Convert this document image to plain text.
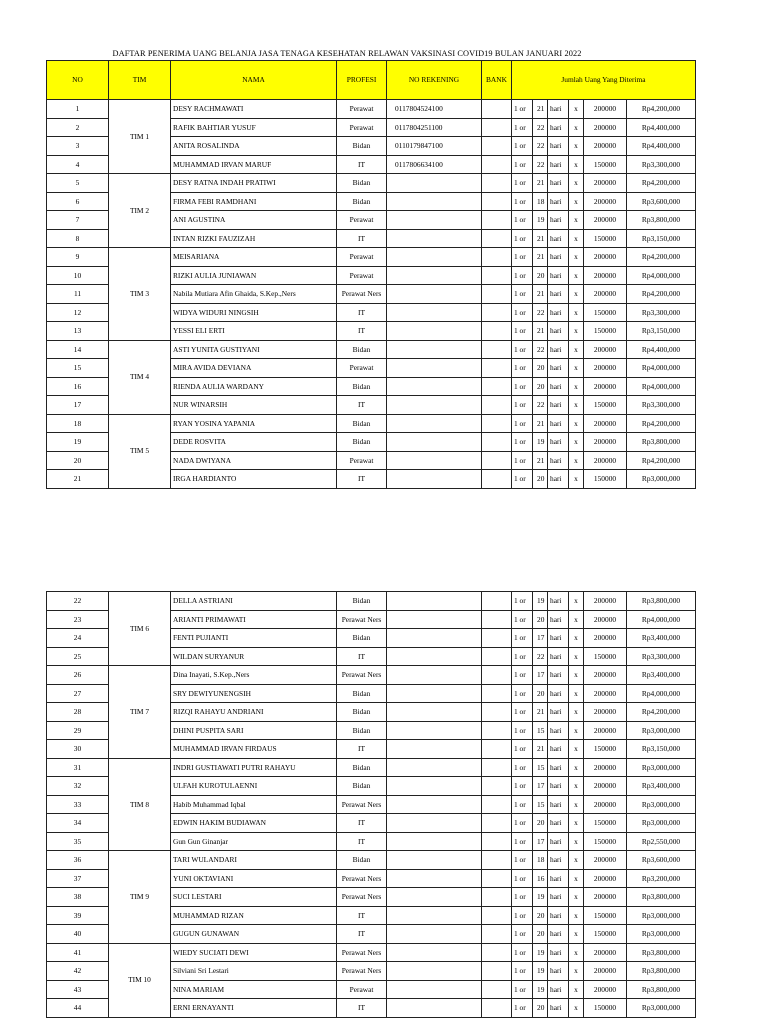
DAFTAR PENERIMA UANG BELANJA JASA TENAGA KESEHATAN RELAWAN VAKSINASI COVID19 BULAN JANUARI 2022
NO	TIM	NAMA	PROFESI	NO REKENING	BANK	Jumlah Uang Yang Diterima					
1	TIM 1	DESY RACHMAWATI	Perawat	0117804524100		1 or	21	hari	x	200000	Rp4,200,000
2		RAFIK BAHTIAR YUSUF	Perawat	0117804251100		1 or	22	hari	x	200000	Rp4,400,000
3		ANITA ROSALINDA	Bidan	0110179847100		1 or	22	hari	x	200000	Rp4,400,000
4		MUHAMMAD IRVAN MARUF	IT	0117806634100		1 or	22	hari	x	150000	Rp3,300,000
5	TIM 2	DESY RATNA INDAH PRATIWI	Bidan			1 or	21	hari	x	200000	Rp4,200,000
6		FIRMA FEBI RAMDHANI	Bidan			1 or	18	hari	x	200000	Rp3,600,000
7		ANI AGUSTINA	Perawat			1 or	19	hari	x	200000	Rp3,800,000
8		INTAN RIZKI FAUZIZAH	IT			1 or	21	hari	x	150000	Rp3,150,000
9	TIM 3	MEISARIANA	Perawat			1 or	21	hari	x	200000	Rp4,200,000
10		RIZKI AULIA JUNIAWAN	Perawat			1 or	20	hari	x	200000	Rp4,000,000
11		Nabila Mutiara Afin Ghaida, S.Kep.,Ners	Perawat Ners			1 or	21	hari	x	200000	Rp4,200,000
12		WIDYA WIDURI NINGSIH	IT			1 or	22	hari	x	150000	Rp3,300,000
13		YESSI ELI ERTI	IT			1 or	21	hari	x	150000	Rp3,150,000
14	TIM 4	ASTI YUNITA GUSTIYANI	Bidan			1 or	22	hari	x	200000	Rp4,400,000
15		MIRA AVIDA DEVIANA	Perawat			1 or	20	hari	x	200000	Rp4,000,000
16		RIENDA AULIA WARDANY	Bidan			1 or	20	hari	x	200000	Rp4,000,000
17		NUR WINARSIH	IT			1 or	22	hari	x	150000	Rp3,300,000
18	TIM 5	RYAN YOSINA YAPANIA	Bidan			1 or	21	hari	x	200000	Rp4,200,000
19		DEDE ROSVITA	Bidan			1 or	19	hari	x	200000	Rp3,800,000
20		NADA DWIYANA	Perawat			1 or	21	hari	x	200000	Rp4,200,000
21		IRGA HARDIANTO	IT			1 or	20	hari	x	150000	Rp3,000,000
22	TIM 6	DELLA ASTRIANI	Bidan			1 or	19	hari	x	200000	Rp3,800,000
23		ARIANTI PRIMAWATI	Perawat Ners			1 or	20	hari	x	200000	Rp4,000,000
24		FENTI PUJIANTI	Bidan			1 or	17	hari	x	200000	Rp3,400,000
25		WILDAN SURYANUR	IT			1 or	22	hari	x	150000	Rp3,300,000
26	TIM 7	Dina Inayati, S.Kep.,Ners	Perawat Ners			1 or	17	hari	x	200000	Rp3,400,000
27		SRY DEWIYUNENGSIH	Bidan			1 or	20	hari	x	200000	Rp4,000,000
28		RIZQI RAHAYU ANDRIANI	Bidan			1 or	21	hari	x	200000	Rp4,200,000
29		DHINI PUSPITA SARI	Bidan			1 or	15	hari	x	200000	Rp3,000,000
30		MUHAMMAD IRVAN FIRDAUS	IT			1 or	21	hari	x	150000	Rp3,150,000
31	TIM 8	INDRI GUSTIAWATI PUTRI RAHAYU	Bidan			1 or	15	hari	x	200000	Rp3,000,000
32		ULFAH KUROTULAENNI	Bidan			1 or	17	hari	x	200000	Rp3,400,000
33		Habib Muhammad Iqbal	Perawat Ners			1 or	15	hari	x	200000	Rp3,000,000
34		EDWIN HAKIM BUDIAWAN	IT			1 or	20	hari	x	150000	Rp3,000,000
35		Gun Gun Ginanjar	IT			1 or	17	hari	x	150000	Rp2,550,000
36	TIM 9	TARI WULANDARI	Bidan			1 or	18	hari	x	200000	Rp3,600,000
37		YUNI OKTAVIANI	Perawat Ners			1 or	16	hari	x	200000	Rp3,200,000
38		SUCI LESTARI	Perawat Ners			1 or	19	hari	x	200000	Rp3,800,000
39		MUHAMMAD RIZAN	IT			1 or	20	hari	x	150000	Rp3,000,000
40		GUGUN GUNAWAN	IT			1 or	20	hari	x	150000	Rp3,000,000
41	TIM 10	WIEDY SUCIATI DEWI	Perawat Ners			1 or	19	hari	x	200000	Rp3,800,000
42		Silviani Sri Lestari	Perawat Ners			1 or	19	hari	x	200000	Rp3,800,000
43		NINA MARIAM	Perawat			1 or	19	hari	x	200000	Rp3,800,000
44		ERNI ERNAYANTI	IT			1 or	20	hari	x	150000	Rp3,000,000
